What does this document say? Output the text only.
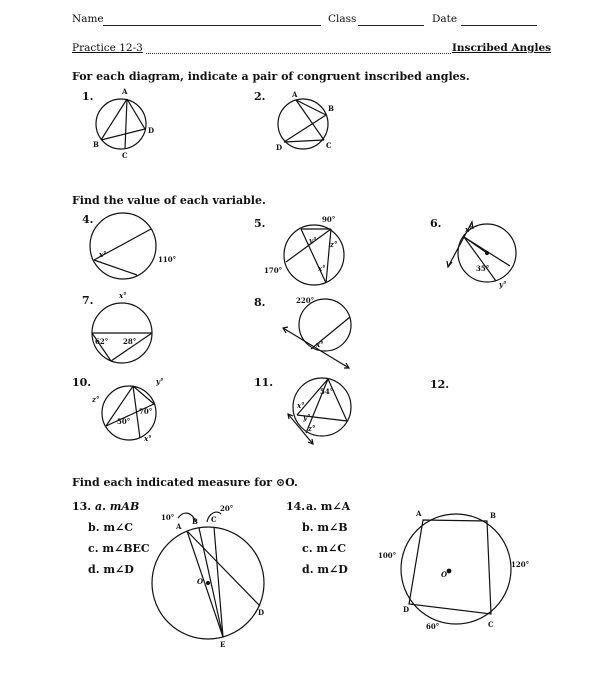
Name	Class	Date
Practice 12-3	Inscribed Angles
For each diagram, indicate a pair of congruent inscribed angles.
1.	2.
Find the value of each variable.
4.	5.	6.
7.	8.
10.	11.	12.
Find each indicated measure for ⊙O.
13. a. mAB
b. m∠C
c. m∠BEC
d. m∠D
14. a. m∠A
b. m∠B
c. m∠C
d. m∠D
A
B
C
D
A
B
C
D
x°
110°
90°
y° z°
170°	x°
x°
35°
y°
x°
62° 28°
220°
x°
y°
z°
70°
50°
x°
54°
x°
y°
z°
10°
20°
A
B C
O
D
E
A	B
C
D
100°
120°
60°
O
